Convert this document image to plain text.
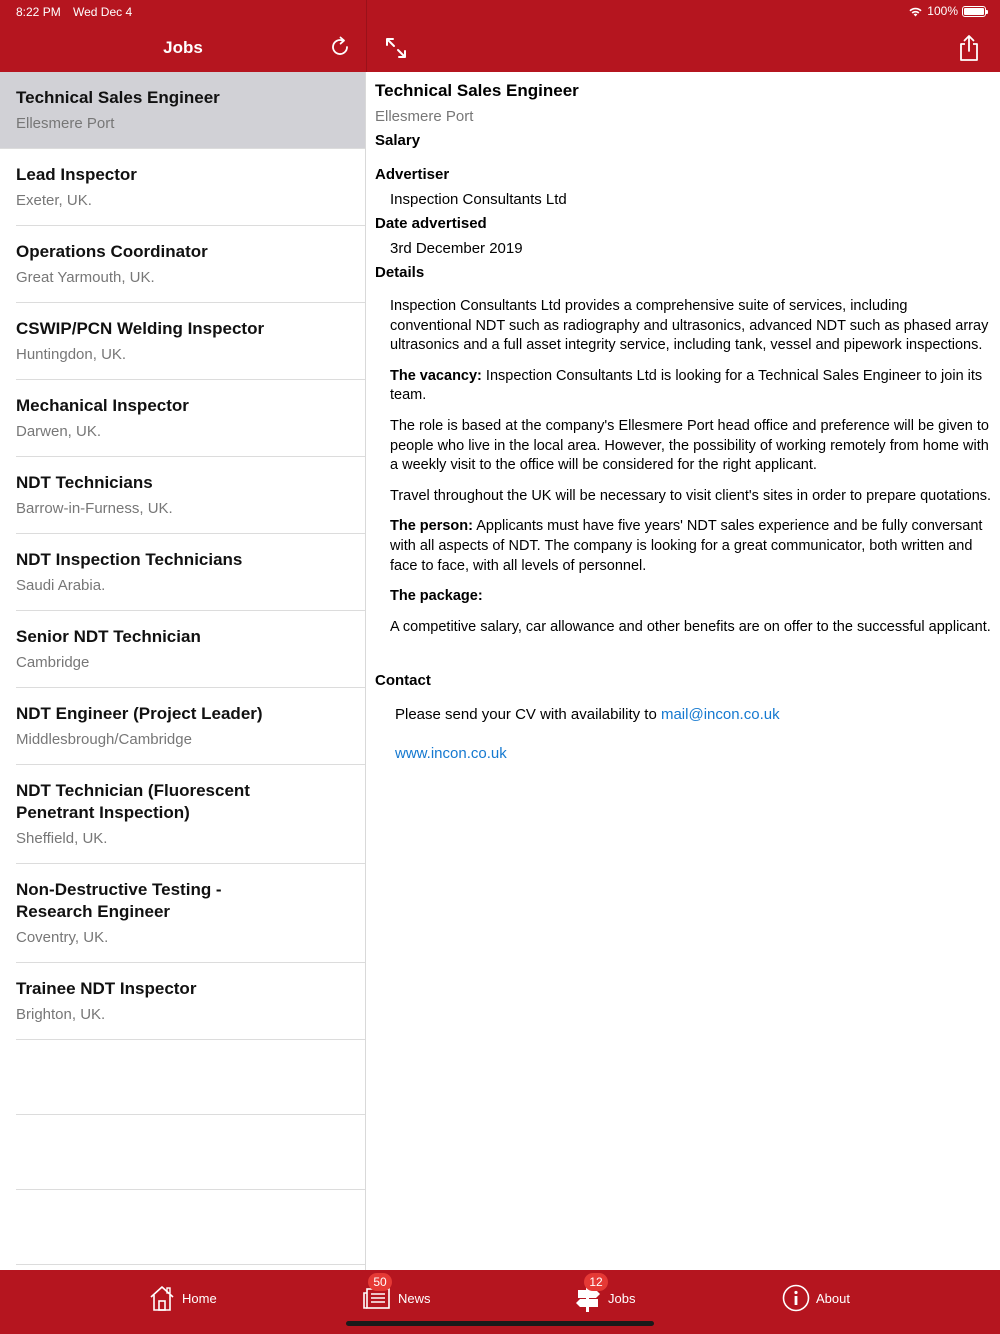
8:22 PM Wed Dec 4	100%
Jobs
Technical Sales Engineer
Ellesmere Port
Lead Inspector
Exeter, UK.
Operations Coordinator
Great Yarmouth, UK.
CSWIP/PCN Welding Inspector
Huntingdon, UK.
Mechanical Inspector
Darwen, UK.
NDT Technicians
Barrow-in-Furness, UK.
NDT Inspection Technicians
Saudi Arabia.
Senior NDT Technician
Cambridge
NDT Engineer (Project Leader)
Middlesbrough/Cambridge
NDT Technician (Fluorescent Penetrant Inspection)
Sheffield, UK.
Non-Destructive Testing - Research Engineer
Coventry, UK.
Trainee NDT Inspector
Brighton, UK.
Technical Sales Engineer
Ellesmere Port
Salary
Advertiser
Inspection Consultants Ltd
Date advertised
3rd December 2019
Details

Inspection Consultants Ltd provides a comprehensive suite of services, including conventional NDT such as radiography and ultrasonics, advanced NDT such as phased array ultrasonics and a full asset integrity service, including tank, vessel and pipework inspections.

The vacancy: Inspection Consultants Ltd is looking for a Technical Sales Engineer to join its team.

The role is based at the company's Ellesmere Port head office and preference will be given to people who live in the local area. However, the possibility of working remotely from home with a weekly visit to the office will be considered for the right applicant.

Travel throughout the UK will be necessary to visit client's sites in order to prepare quotations.

The person: Applicants must have five years' NDT sales experience and be fully conversant with all aspects of NDT. The company is looking for a great communicator, both written and face to face, with all levels of personnel.

The package:

A competitive salary, car allowance and other benefits are on offer to the successful applicant.

Contact
Please send your CV with availability to mail@incon.co.uk
www.incon.co.uk
Home
50
News
12
Jobs	About
